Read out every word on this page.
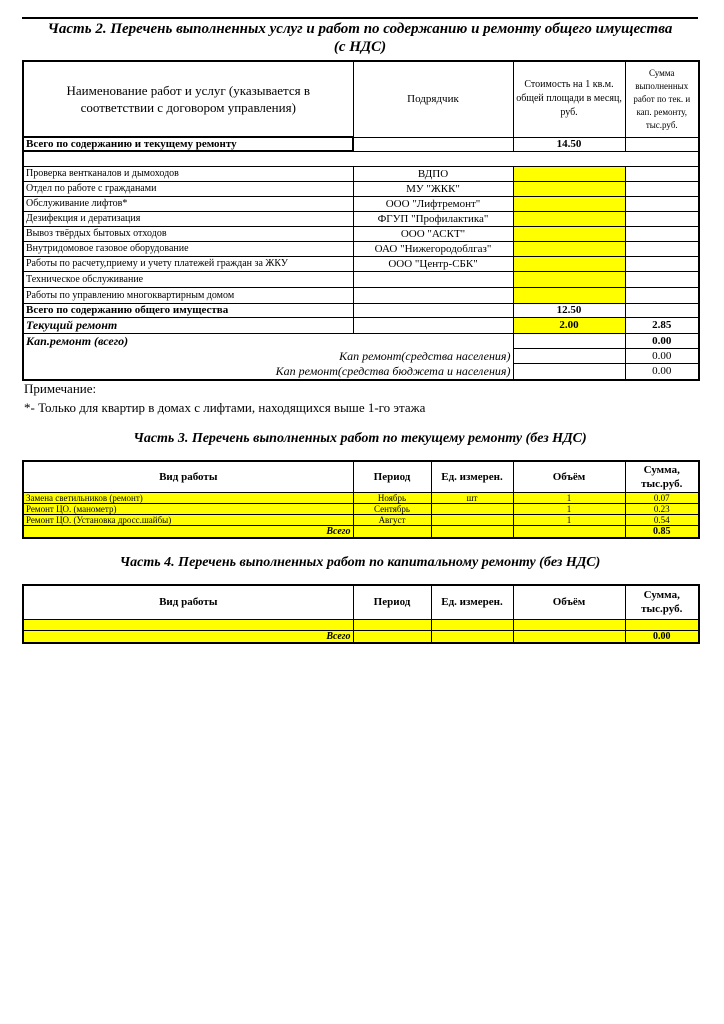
Часть 2. Перечень выполненных услуг и работ по содержанию и ремонту общего имущества
(с НДС)
Наименование работ и услуг (указывается в соответствии с договором управления)	Подрядчик	Стоимость на 1 кв.м. общей площади в месяц, руб.	Сумма выполненных работ по тек. и кап. ремонту, тыс.руб.
Всего по содержанию и текущему ремонту		14.50	

Проверка вентканалов и дымоходов	ВДПО		
Отдел по работе с гражданами	МУ "ЖКК"		
Обслуживание лифтов*	ООО "Лифтремонт"		
Дезифекция и дератизация	ФГУП "Профилактика"		
Вывоз твёрдых бытовых отходов	ООО "АСКТ"		
Внутридомовое газовое оборудование	ОАО "Нижегородоблгаз"		
Работы по расчету,приему и учету платежей граждан за ЖКУ	ООО "Центр-СБК"		
Техническое обслуживание			
Работы по управлению многоквартирным домом			
Всего по содержанию общего имущества		12.50	
Текущий ремонт		2.00	2.85
Кап.ремонт (всего)			0.00
Кап ремонт(средства населения)			0.00
Кап ремонт(средства бюджета и населения)			0.00
Примечание:
*- Только для квартир в домах с лифтами, находящихся выше 1-го этажа
Часть 3. Перечень выполненных работ по текущему ремонту (без НДС)
Вид работы	Период	Ед. измерен.	Объём	Сумма,
тыс.руб.

Замена светильников (ремонт)	Ноябрь	шт	1	0.07
Ремонт ЦО. (манометр)	Сентябрь		1	0.23
Ремонт ЦО. (Установка дросс.шайбы)	Август		1	0.54
Всего				0.85
Часть 4. Перечень выполненных работ по капитальному ремонту (без НДС)
Вид работы	Период	Ед. измерен.	Объём	Сумма,
тыс.руб.

Всего				0.00
